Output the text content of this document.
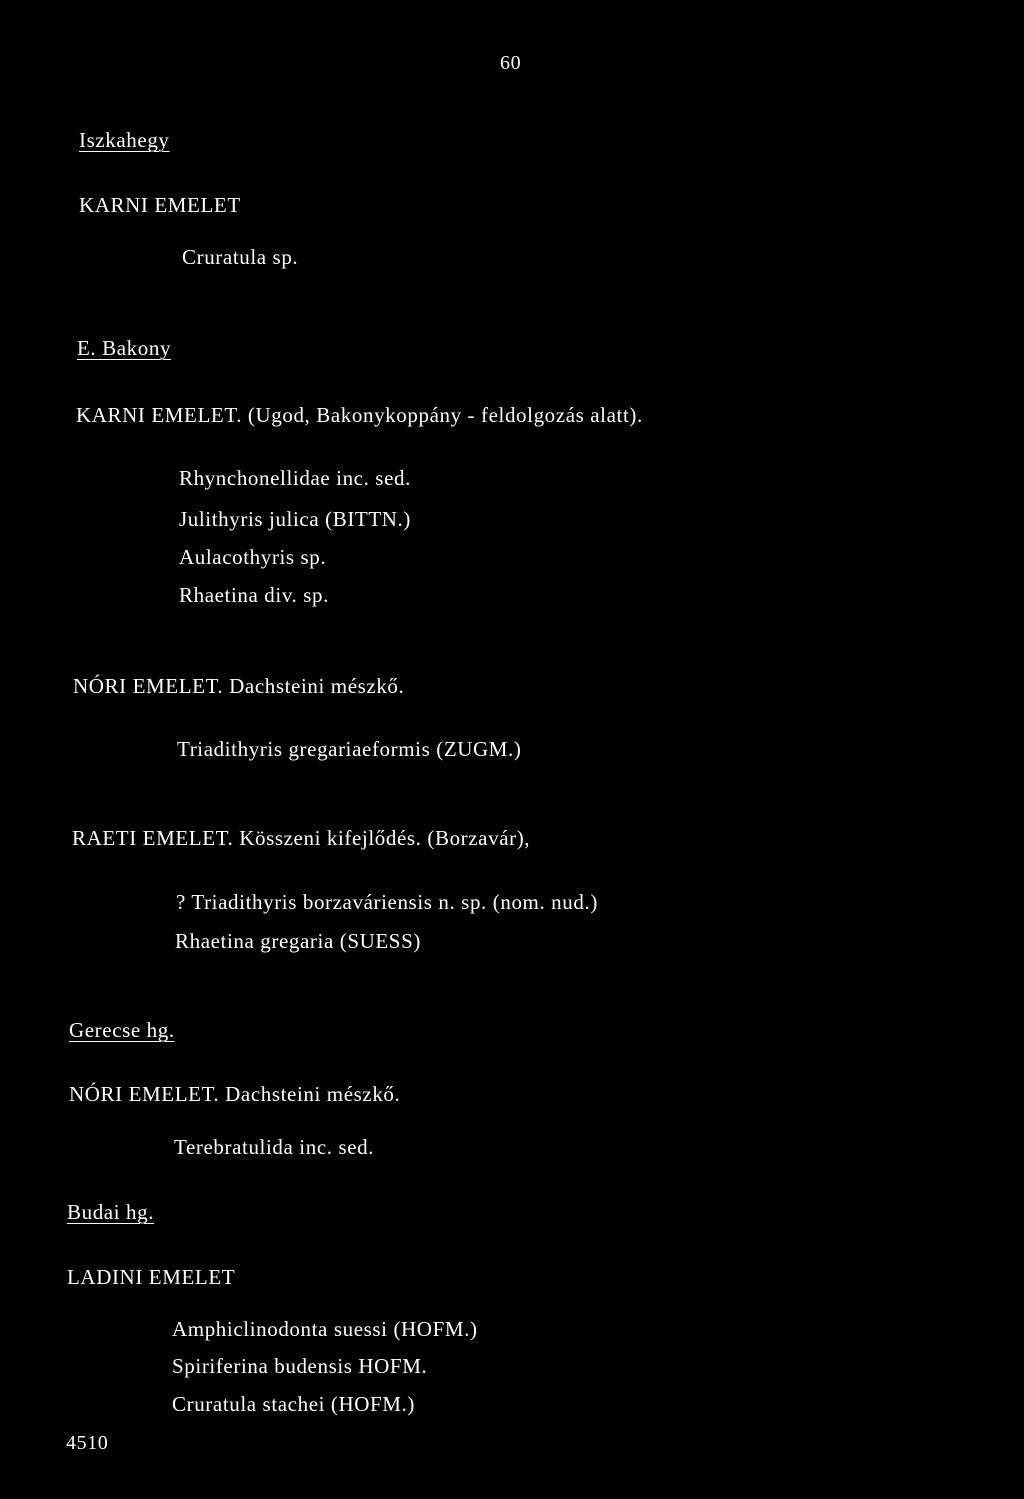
60
Iszkahegy
KARNI EMELET
Cruratula sp.
E. Bakony
KARNI EMELET. (Ugod, Bakonykoppány - feldolgozás alatt).
Rhynchonellidae inc. sed.
Julithyris julica (BITTN.)
Aulacothyris sp.
Rhaetina div. sp.
NÓRI EMELET. Dachsteini mészkő.
Triadithyris gregariaeformis (ZUGM.)
RAETI EMELET. Kösszeni kifejlődés. (Borzavár),
? Triadithyris borzaváriensis n. sp. (nom. nud.)
Rhaetina gregaria (SUESS)
Gerecse hg.
NÓRI EMELET. Dachsteini mészkő.
Terebratulida inc. sed.
Budai hg.
LADINI EMELET
Amphiclinodonta suessi (HOFM.)
Spiriferina budensis HOFM.
Cruratula stachei (HOFM.)
4510
